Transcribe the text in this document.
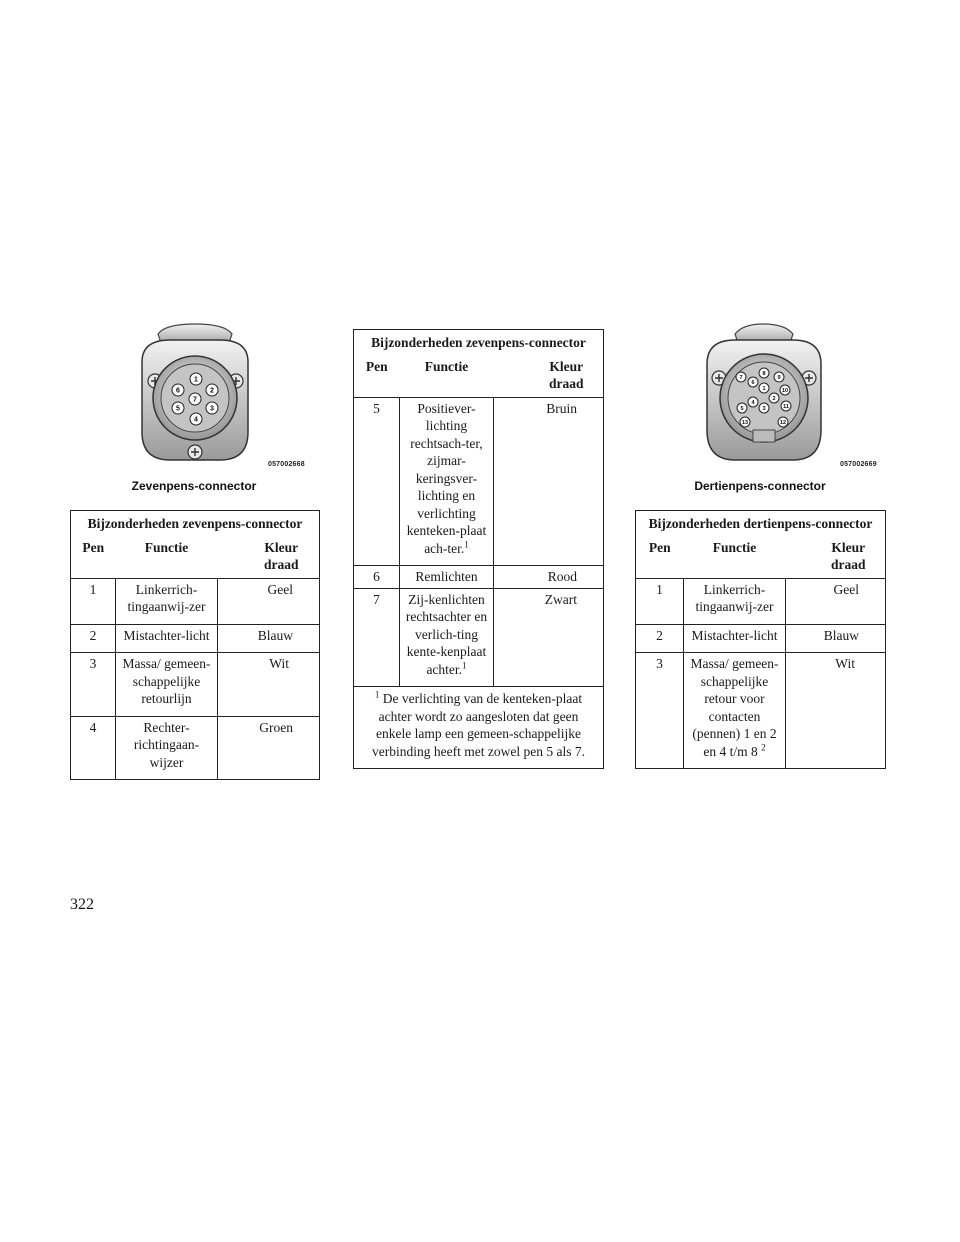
1
2
3
4
5
6
7
057002668
Zevenpens-connector
Bijzonderheden zevenpens-connector		
Pen	Functie	Kleur draad
1	Linkerrich-tingaanwij-zer	Geel
2	Mistachter-licht	Blauw
3	Massa/ gemeen-schappelijke retourlijn	Wit
4	Rechter-richtingaan-wijzer	Groen
Bijzonderheden zevenpens-connector		
Pen	Functie	Kleur draad
5	Positiever-lichting rechtsach-ter, zijmar-keringsver-lichting en verlichting kenteken-plaat ach-ter.$^1$	Bruin
6	Remlichten	Rood
7	Zij-kenlichten rechtsachter en verlich-ting kente-kenplaat achter.$^1$	Zwart
$^1$ De verlichting van de kenteken-plaat achter wordt zo aangesloten dat geen enkele lamp een gemeen-schappelijke verbinding heeft met zowel pen 5 als 7.		
1
2
3
4
5
6
7
8
9
10
11
12
13
057002669
Dertienpens-connector
Bijzonderheden dertienpens-connector		
Pen	Functie	Kleur draad
1	Linkerrich-tingaanwij-zer	Geel
2	Mistachter-licht	Blauw
3	Massa/ gemeen-schappelijke retour voor contacten (pennen) 1 en 2 en 4 t/m 8 $^2$	Wit
322
